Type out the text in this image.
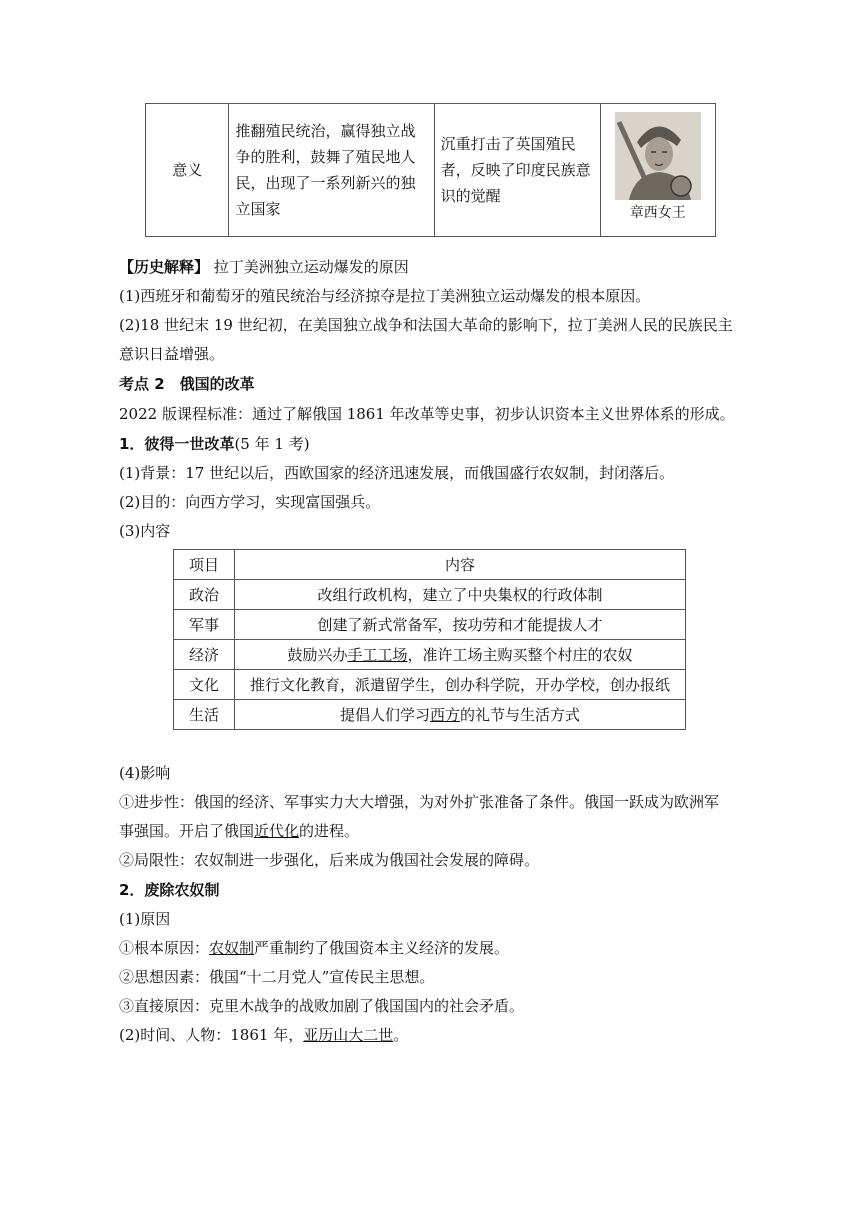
意义	推翻殖民统治，赢得独立战争的胜利，鼓舞了殖民地人民，出现了一系列新兴的独立国家	沉重打击了英国殖民者，反映了印度民族意识的觉醒	
章西女王
【历史解释】 拉丁美洲独立运动爆发的原因
(1)西班牙和葡萄牙的殖民统治与经济掠夺是拉丁美洲独立运动爆发的根本原因。
(2)18 世纪末 19 世纪初，在美国独立战争和法国大革命的影响下，拉丁美洲人民的民族民主
意识日益增强。
考点 2　俄国的改革
2022 版课程标准：通过了解俄国 1861 年改革等史事，初步认识资本主义世界体系的形成。
1．彼得一世改革(5 年 1 考)
(1)背景：17 世纪以后，西欧国家的经济迅速发展，而俄国盛行农奴制，封闭落后。
(2)目的：向西方学习，实现富国强兵。
(3)内容
项目	内容
政治	改组行政机构，建立了中央集权的行政体制
军事	创建了新式常备军，按功劳和才能提拔人才
经济	鼓励兴办手工工场，准许工场主购买整个村庄的农奴
文化	推行文化教育，派遣留学生，创办科学院，开办学校，创办报纸
生活	提倡人们学习西方的礼节与生活方式
(4)影响
①进步性：俄国的经济、军事实力大大增强，为对外扩张准备了条件。俄国一跃成为欧洲军
事强国。开启了俄国近代化的进程。
②局限性：农奴制进一步强化，后来成为俄国社会发展的障碍。
2．废除农奴制
(1)原因
①根本原因：农奴制严重制约了俄国资本主义经济的发展。
②思想因素：俄国“十二月党人”宣传民主思想。
③直接原因：克里木战争的战败加剧了俄国国内的社会矛盾。
(2)时间、人物：1861 年，亚历山大二世。
